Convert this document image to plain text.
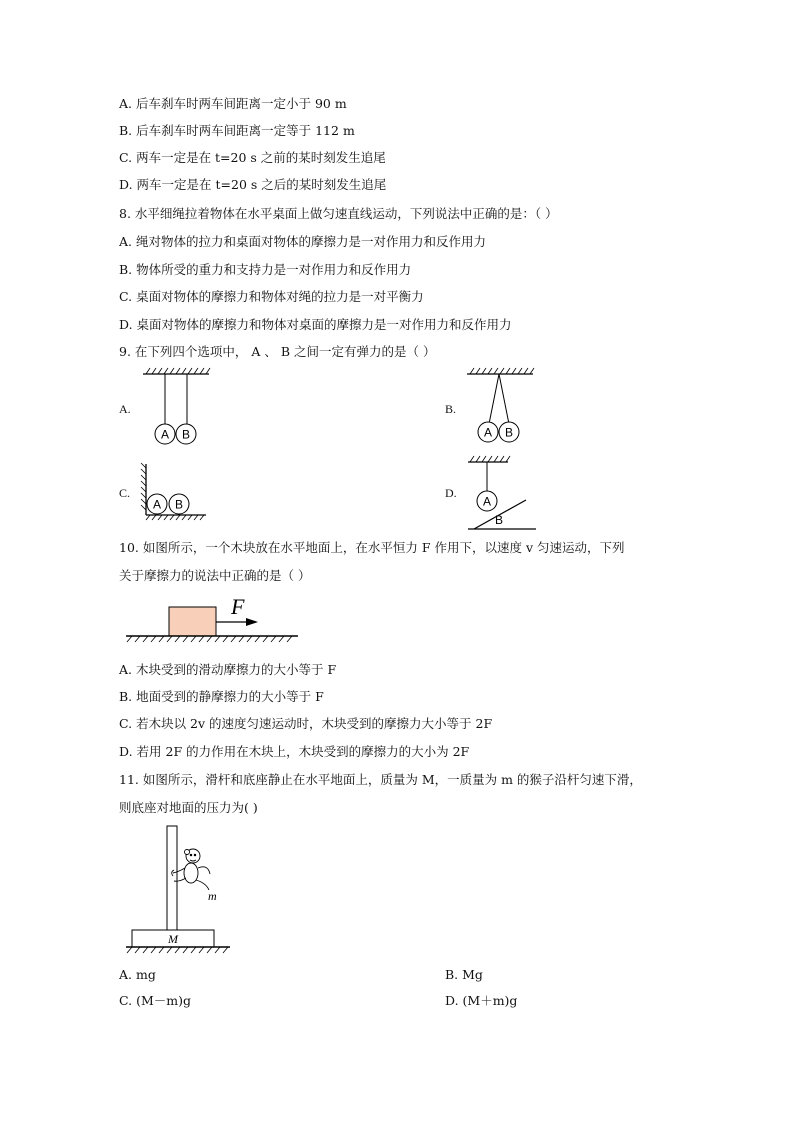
A. 后车刹车时两车间距离一定小于 90 m
B. 后车刹车时两车间距离一定等于 112 m
C. 两车一定是在 t=20 s 之前的某时刻发生追尾
D. 两车一定是在 t=20 s 之后的某时刻发生追尾
8. 水平细绳拉着物体在水平桌面上做匀速直线运动，下列说法中正确的是：（ ）
A. 绳对物体的拉力和桌面对物体的摩擦力是一对作用力和反作用力
B. 物体所受的重力和支持力是一对作用力和反作用力
C. 桌面对物体的摩擦力和物体对绳的拉力是一对平衡力
D. 桌面对物体的摩擦力和物体对桌面的摩擦力是一对作用力和反作用力
9. 在下列四个选项中， A 、 B 之间一定有弹力的是（ ）
A.
A B
B.
A B
C.
A B
D.
A
B
10. 如图所示，一个木块放在水平地面上，在水平恒力 F 作用下，以速度 v 匀速运动，下列
关于摩擦力的说法中正确的是（ ）
F
A. 木块受到的滑动摩擦力的大小等于 F
B. 地面受到的静摩擦力的大小等于 F
C. 若木块以 2v 的速度匀速运动时，木块受到的摩擦力大小等于 2F
D. 若用 2F 的力作用在木块上，木块受到的摩擦力的大小为 2F
11. 如图所示，滑杆和底座静止在水平地面上，质量为 M，一质量为 m 的猴子沿杆匀速下滑，
则底座对地面的压力为( )
M
m
A. mg	B. Mg
C. (M－m)g	D. (M＋m)g
